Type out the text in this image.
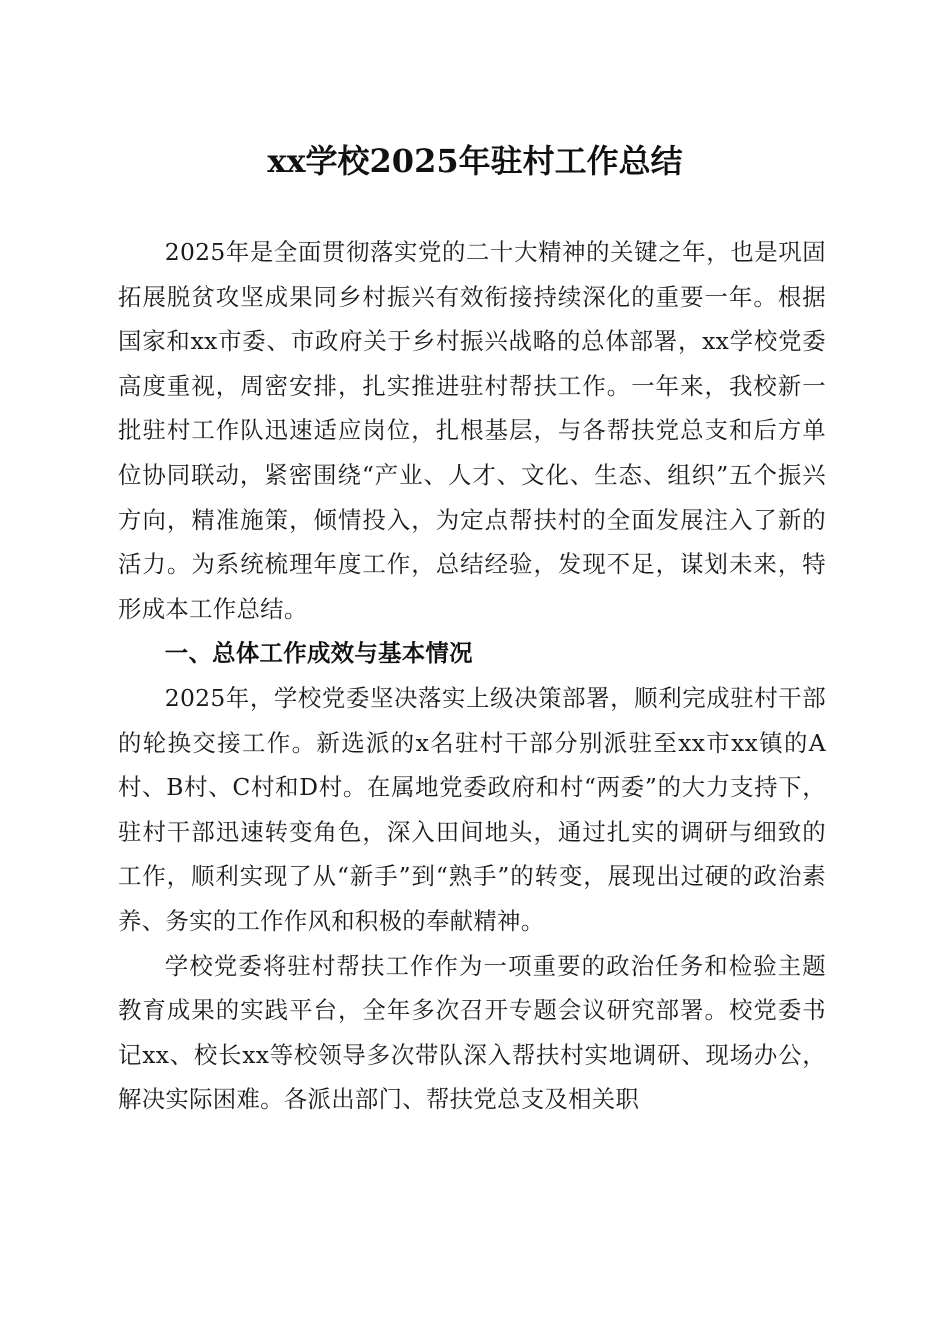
xx学校2025年驻村工作总结

2025年是全面贯彻落实党的二十大精神的关键之年，也是巩固拓展脱贫攻坚成果同乡村振兴有效衔接持续深化的重要一年。根据国家和xx市委、市政府关于乡村振兴战略的总体部署，xx学校党委高度重视，周密安排，扎实推进驻村帮扶工作。一年来，我校新一批驻村工作队迅速适应岗位，扎根基层，与各帮扶党总支和后方单位协同联动，紧密围绕“产业、人才、文化、生态、组织”五个振兴方向，精准施策，倾情投入，为定点帮扶村的全面发展注入了新的活力。为系统梳理年度工作，总结经验，发现不足，谋划未来，特形成本工作总结。

一、总体工作成效与基本情况

2025年，学校党委坚决落实上级决策部署，顺利完成驻村干部的轮换交接工作。新选派的x名驻村干部分别派驻至xx市xx镇的A村、B村、C村和D村。在属地党委政府和村“两委”的大力支持下，驻村干部迅速转变角色，深入田间地头，通过扎实的调研与细致的工作，顺利实现了从“新手”到“熟手”的转变，展现出过硬的政治素养、务实的工作作风和积极的奉献精神。

学校党委将驻村帮扶工作作为一项重要的政治任务和检验主题教育成果的实践平台，全年多次召开专题会议研究部署。校党委书记xx、校长xx等校领导多次带队深入帮扶村实地调研、现场办公，解决实际困难。各派出部门、帮扶党总支及相关职
